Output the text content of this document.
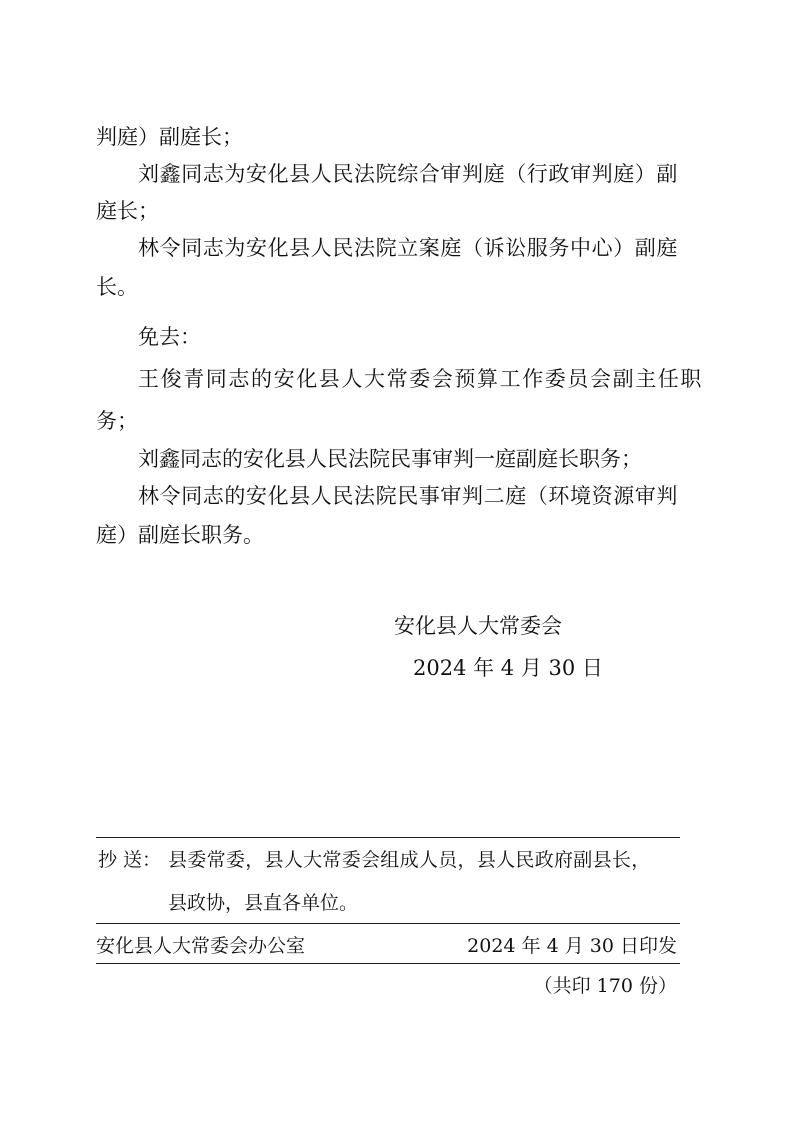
判庭）副庭长；
刘鑫同志为安化县人民法院综合审判庭（行政审判庭）副
庭长；
林令同志为安化县人民法院立案庭（诉讼服务中心）副庭
长。
免去：
王俊青同志的安化县人大常委会预算工作委员会副主任职
务；
刘鑫同志的安化县人民法院民事审判一庭副庭长职务；
林令同志的安化县人民法院民事审判二庭（环境资源审判
庭）副庭长职务。
安化县人大常委会
2024 年 4 月 30 日
抄 送： 县委常委，县人大常委会组成人员，县人民政府副县长，
县政协，县直各单位。
安化县人大常委会办公室	2024 年 4 月 30 日印发
（共印 170 份）
